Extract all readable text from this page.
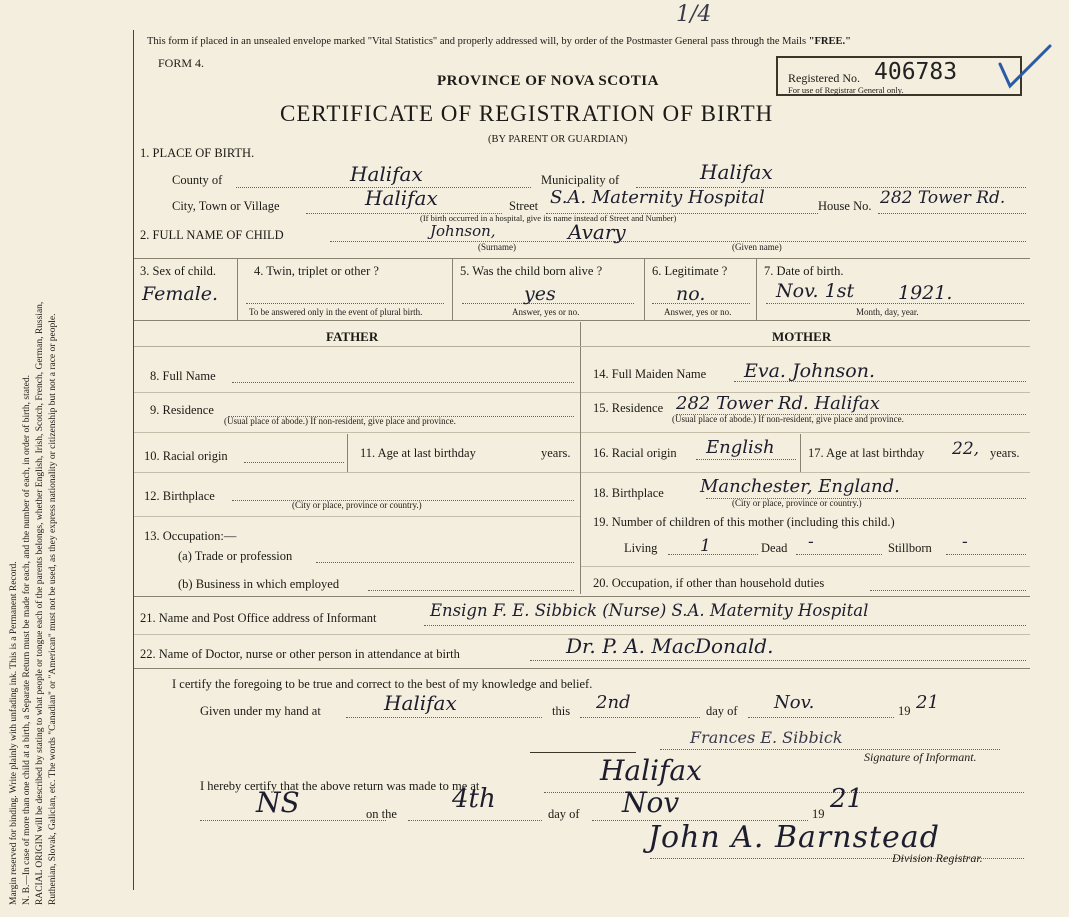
Margin reserved for binding. Write plainly with unfading ink. This is a Permanent Record. N. B.—In case of more than one child at a birth, a Separate Return must be made for each, and the number of each, in order of birth, stated. RACIAL ORIGIN will be described by stating to what people or tongue each of the parents belongs, whether English, Irish, Scotch, French, German, Russian, Ruthenian, Slovak, Galician, etc. The words "Canadian" or "American" must not be used, as they express nationality or citizenship but not a race or people.
This form if placed in an unsealed envelope marked "Vital Statistics" and properly addressed will, by order of the Postmaster General pass through the Mails "FREE."
1/4
FORM 4.
PROVINCE OF NOVA SCOTIA
CERTIFICATE OF REGISTRATION OF BIRTH
(BY PARENT OR GUARDIAN)
Registered No. 406783
For use of Registrar General only.
1. PLACE OF BIRTH.
County of	Halifax	Municipality of	Halifax
City, Town or Village	Halifax	Street S.A. Maternity Hospital
(If birth occurred in a hospital, give its name instead of Street and Number)
House No. 282 Tower Rd.
2. FULL NAME OF CHILD	Johnson,	Avary
(Surname)	(Given name)
3. Sex of child.
Female.
4. Twin, triplet or other ?
To be answered only in the event of plural birth.
5. Was the child born alive ?
yes
Answer, yes or no.
6. Legitimate ?
no.
Answer, yes or no.
7. Date of birth.
Nov. 1st 1921.
Month, day, year.
FATHER	MOTHER
8. Full Name
9. Residence
(Usual place of abode.) If non-resident, give place and province.
10. Racial origin	11. Age at last birthday	years.
12. Birthplace
(City or place, province or country.)
13. Occupation:—
(a) Trade or profession
(b) Business in which employed
14. Full Maiden Name Eva. Johnson.
15. Residence 282 Tower Rd. Halifax
(Usual place of abode.) If non-resident, give place and province.
16. Racial origin English	17. Age at last birthday 22, years.
18. Birthplace Manchester, England.
(City or place, province or country.)
19. Number of children of this mother (including this child.)
Living	1	Dead -	Stillborn -
20. Occupation, if other than household duties
21. Name and Post Office address of Informant	Ensign F. E. Sibbick (Nurse) S.A. Maternity Hospital
22. Name of Doctor, nurse or other person in attendance at birth	Dr. P. A. MacDonald.
I certify the foregoing to be true and correct to the best of my knowledge and belief.
Given under my hand at	Halifax	this 2nd	day of Nov.	19 21
Frances E. Sibbick
Signature of Informant.
I hereby certify that the above return was made to me at	Halifax
NS	on the 4th	day of Nov	19 21
John A. Barnstead
Division Registrar.
